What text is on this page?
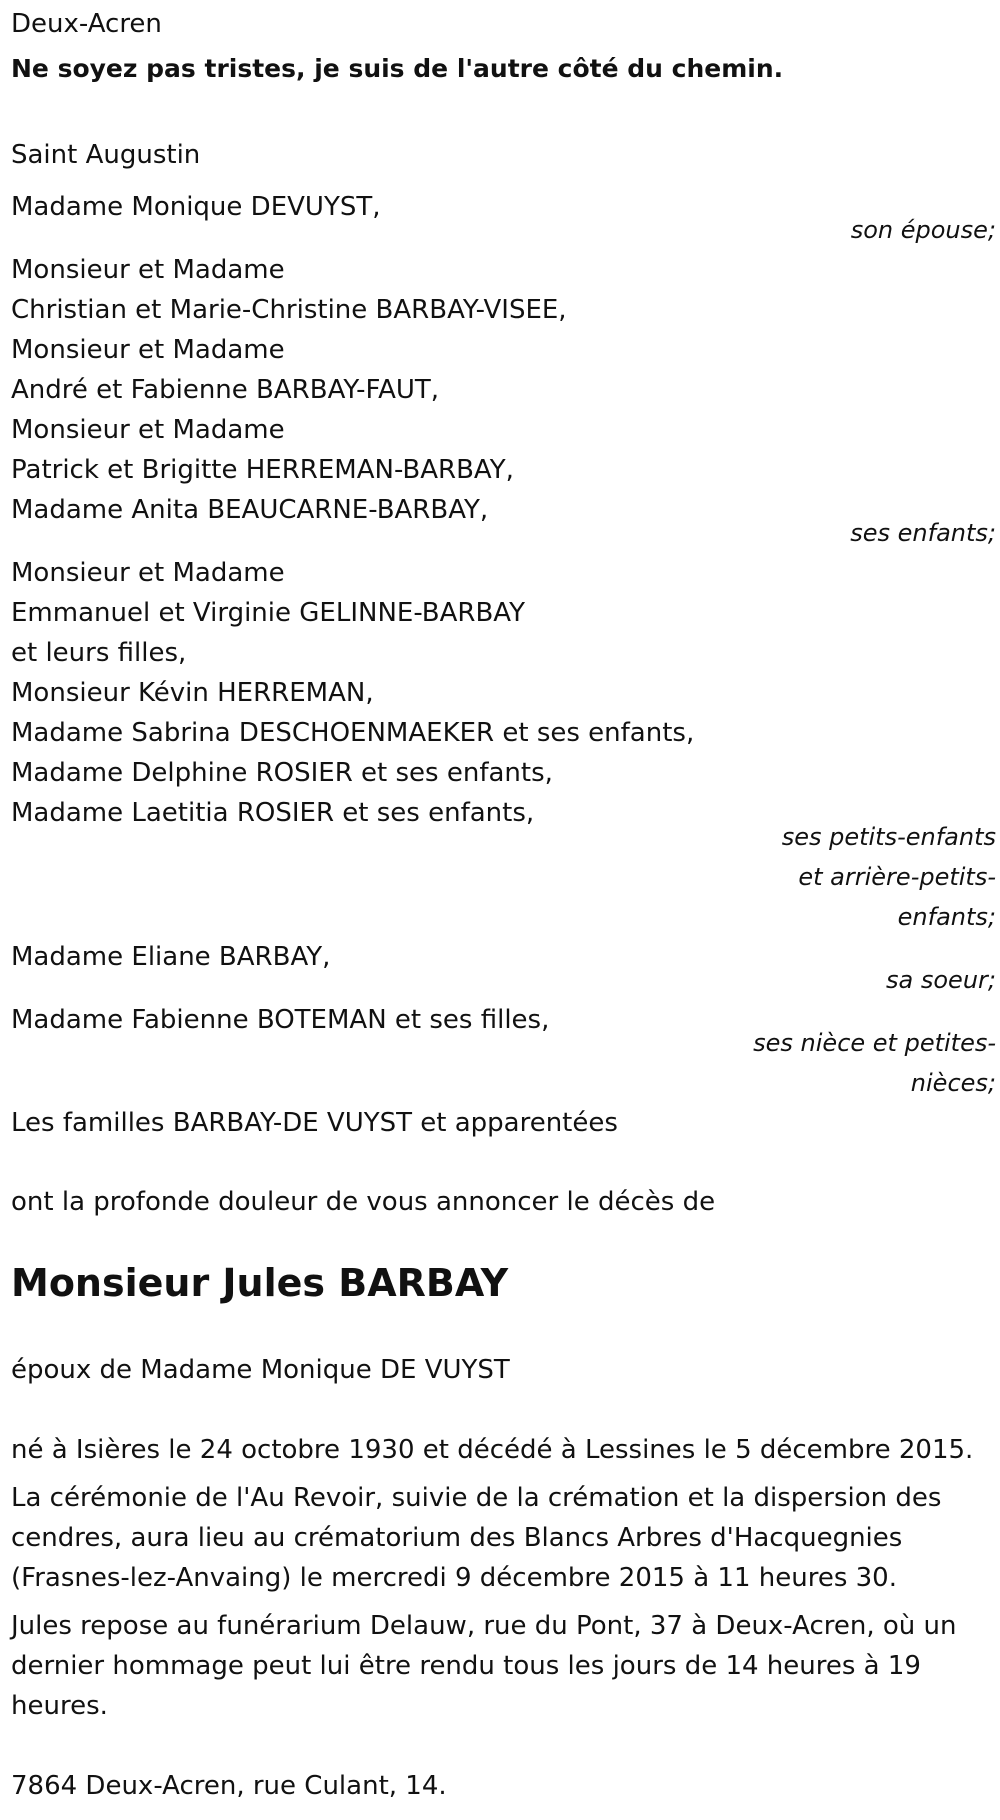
Deux-Acren
Ne soyez pas tristes, je suis de l'autre côté du chemin.
Saint Augustin
Madame Monique DEVUYST,
son épouse;
Monsieur et Madame
Christian et Marie-Christine BARBAY-VISEE,
Monsieur et Madame
André et Fabienne BARBAY-FAUT,
Monsieur et Madame
Patrick et Brigitte HERREMAN-BARBAY,
Madame Anita BEAUCARNE-BARBAY,
ses enfants;
Monsieur et Madame
Emmanuel et Virginie GELINNE-BARBAY
et leurs filles,
Monsieur Kévin HERREMAN,
Madame Sabrina DESCHOENMAEKER et ses enfants,
Madame Delphine ROSIER et ses enfants,
Madame Laetitia ROSIER et ses enfants,
ses petits-enfants
et arrière-petits-
enfants;
Madame Eliane BARBAY,
sa soeur;
Madame Fabienne BOTEMAN et ses filles,
ses nièce et petites-
nièces;
Les familles BARBAY-DE VUYST et apparentées
ont la profonde douleur de vous annoncer le décès de
Monsieur Jules BARBAY
époux de Madame Monique DE VUYST
né à Isières le 24 octobre 1930 et décédé à Lessines le 5 décembre 2015.
La cérémonie de l'Au Revoir, suivie de la crémation et la dispersion des
cendres, aura lieu au crématorium des Blancs Arbres d'Hacquegnies
(Frasnes-lez-Anvaing) le mercredi 9 décembre 2015 à 11 heures 30.
Jules repose au funérarium Delauw, rue du Pont, 37 à Deux-Acren, où un
dernier hommage peut lui être rendu tous les jours de 14 heures à 19
heures.
7864 Deux-Acren, rue Culant, 14.
